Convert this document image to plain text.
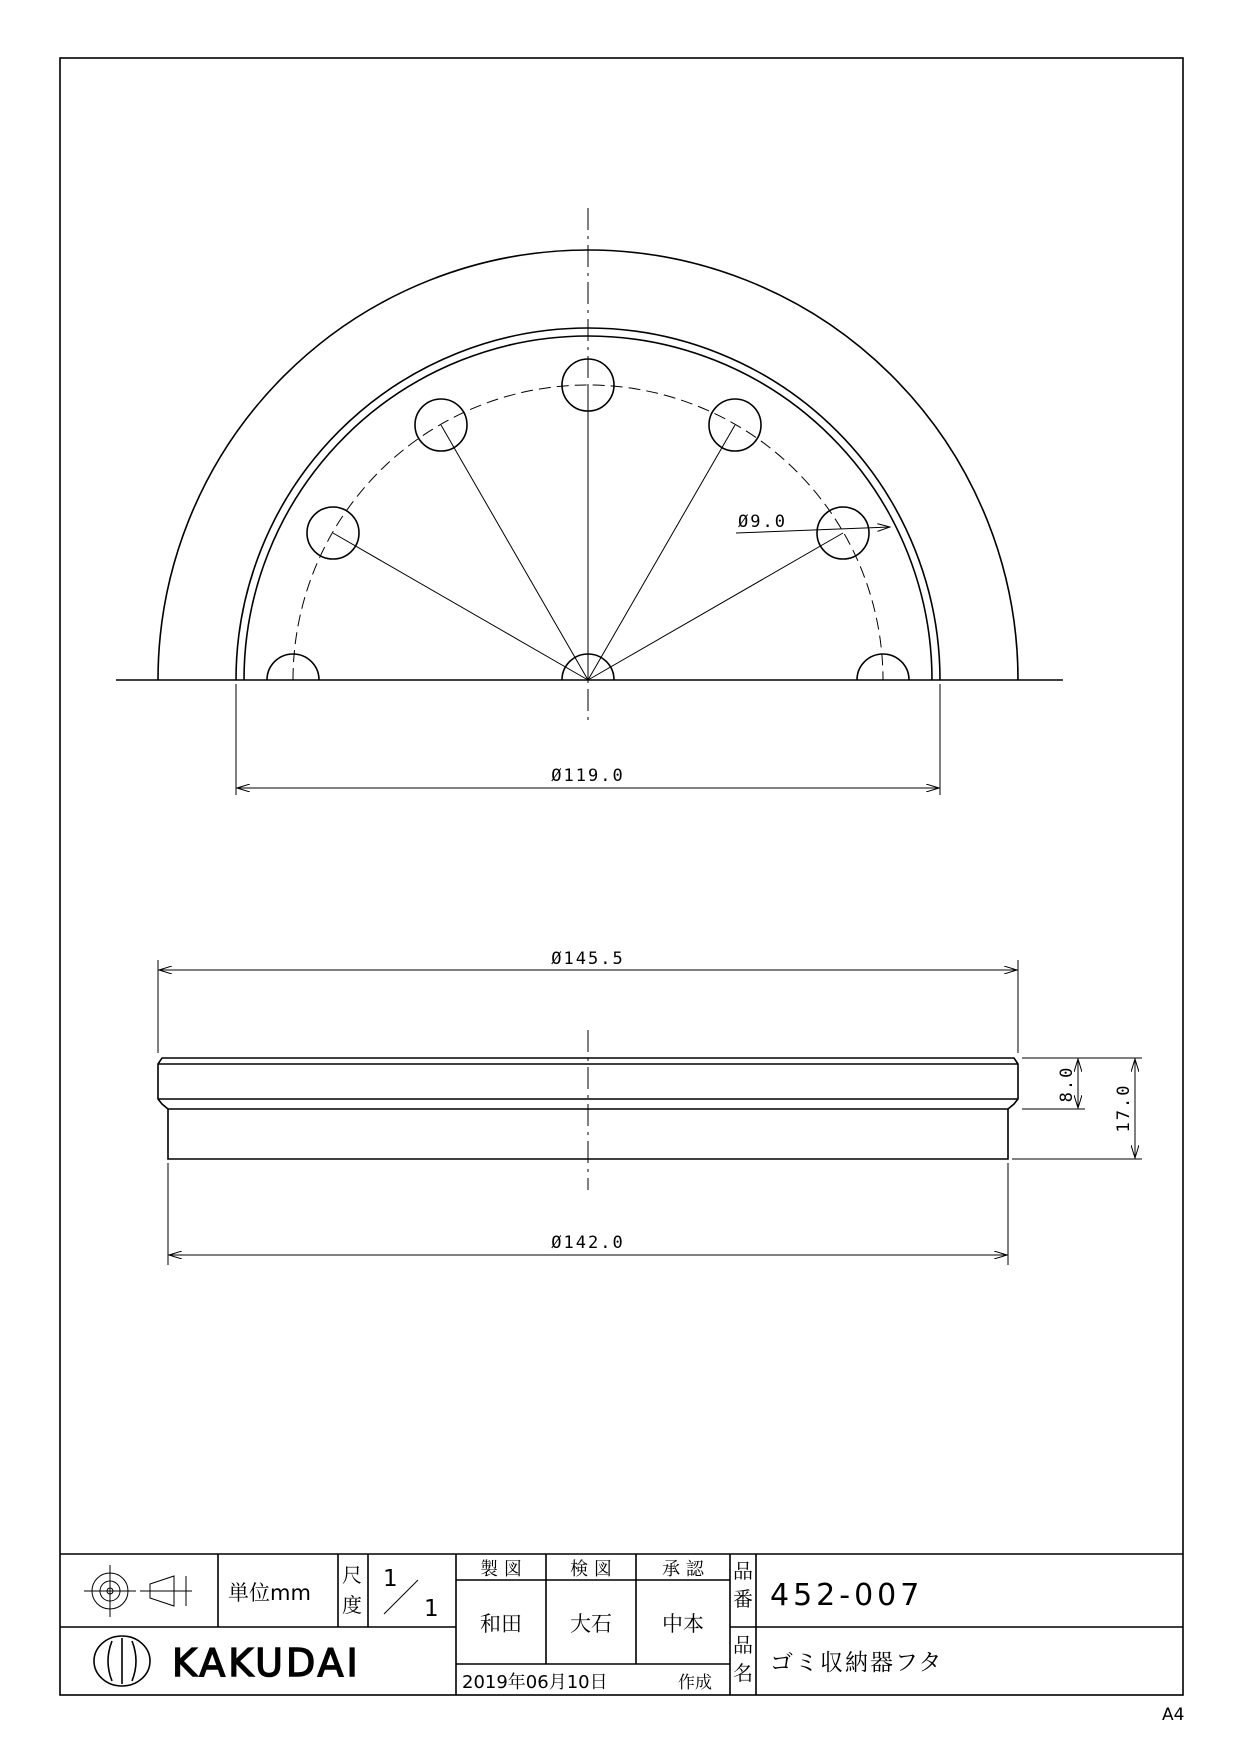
Ø9.0
Ø119.0
Ø145.5
8.0 17.0
Ø142.0
単位mm
尺
度
1
1
製 図	検 図	承 認
和田 大石 中本
2019年06月10日	作成
品
番 452-007
品
名 ゴミ収納器フタ
KAKUDAI
A4
